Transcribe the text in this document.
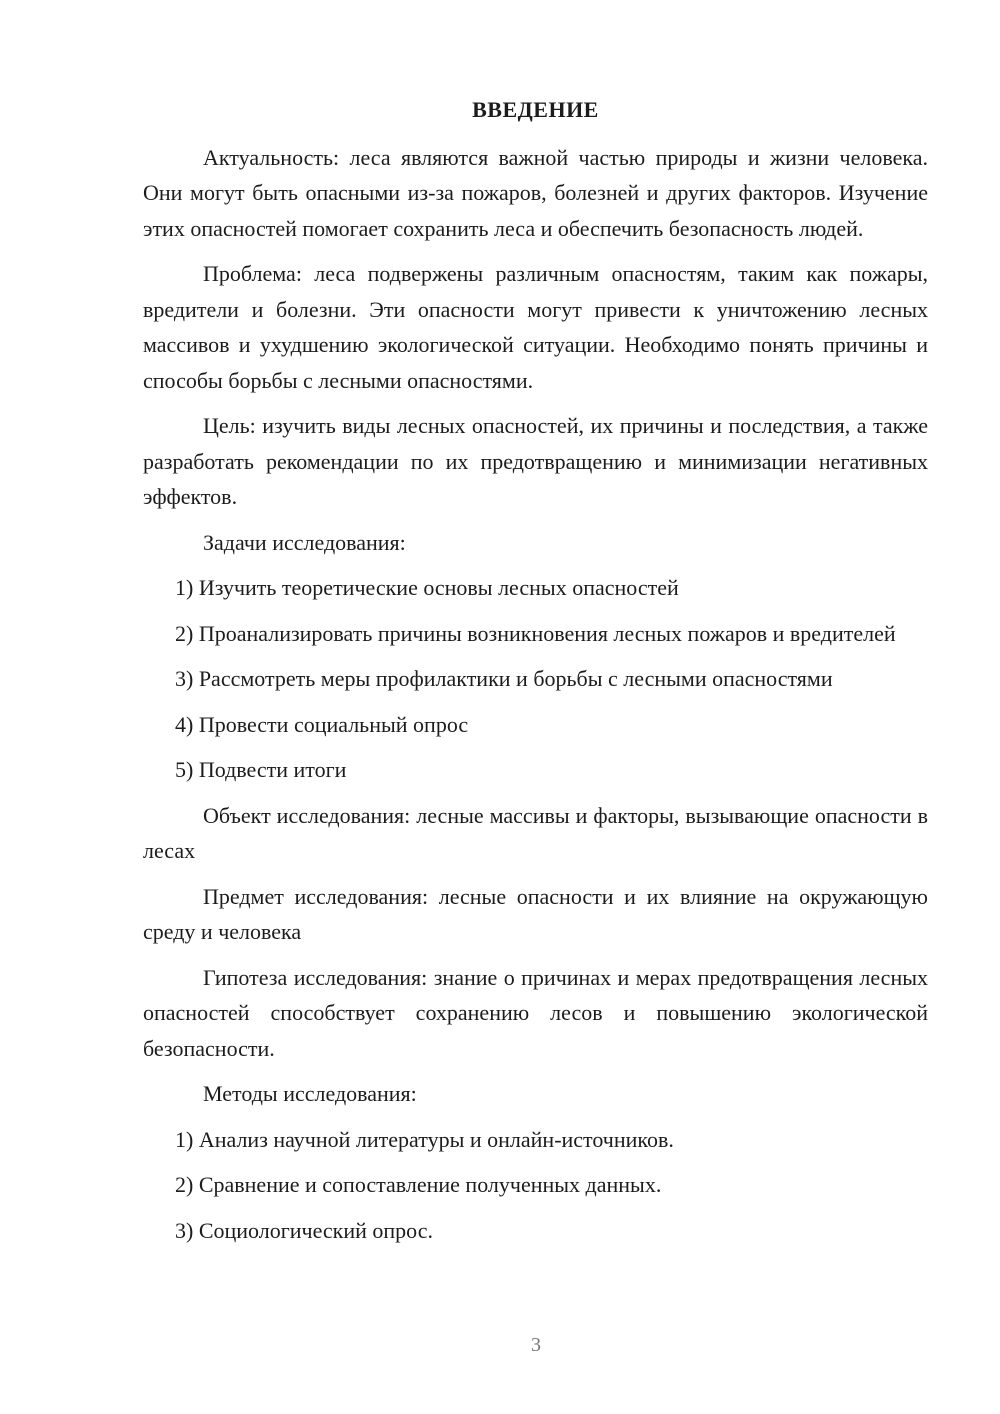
ВВЕДЕНИЕ

Актуальность: леса являются важной частью природы и жизни человека. Они могут быть опасными из-за пожаров, болезней и других факторов. Изучение этих опасностей помогает сохранить леса и обеспечить безопасность людей.

Проблема: леса подвержены различным опасностям, таким как пожары, вредители и болезни. Эти опасности могут привести к уничтожению лесных массивов и ухудшению экологической ситуации. Необходимо понять причины и способы борьбы с лесными опасностями.

Цель: изучить виды лесных опасностей, их причины и последствия, а также разработать рекомендации по их предотвращению и минимизации негативных эффектов.

Задачи исследования:

1) Изучить теоретические основы лесных опасностей

2) Проанализировать причины возникновения лесных пожаров и вредителей

3) Рассмотреть меры профилактики и борьбы с лесными опасностями

4) Провести социальный опрос

5) Подвести итоги

Объект исследования: лесные массивы и факторы, вызывающие опасности в лесах

Предмет исследования: лесные опасности и их влияние на окружающую среду и человека

Гипотеза исследования: знание о причинах и мерах предотвращения лесных опасностей способствует сохранению лесов и повышению экологической безопасности.

Методы исследования:

1) Анализ научной литературы и онлайн-источников.

2) Сравнение и сопоставление полученных данных.

3) Социологический опрос.

3
